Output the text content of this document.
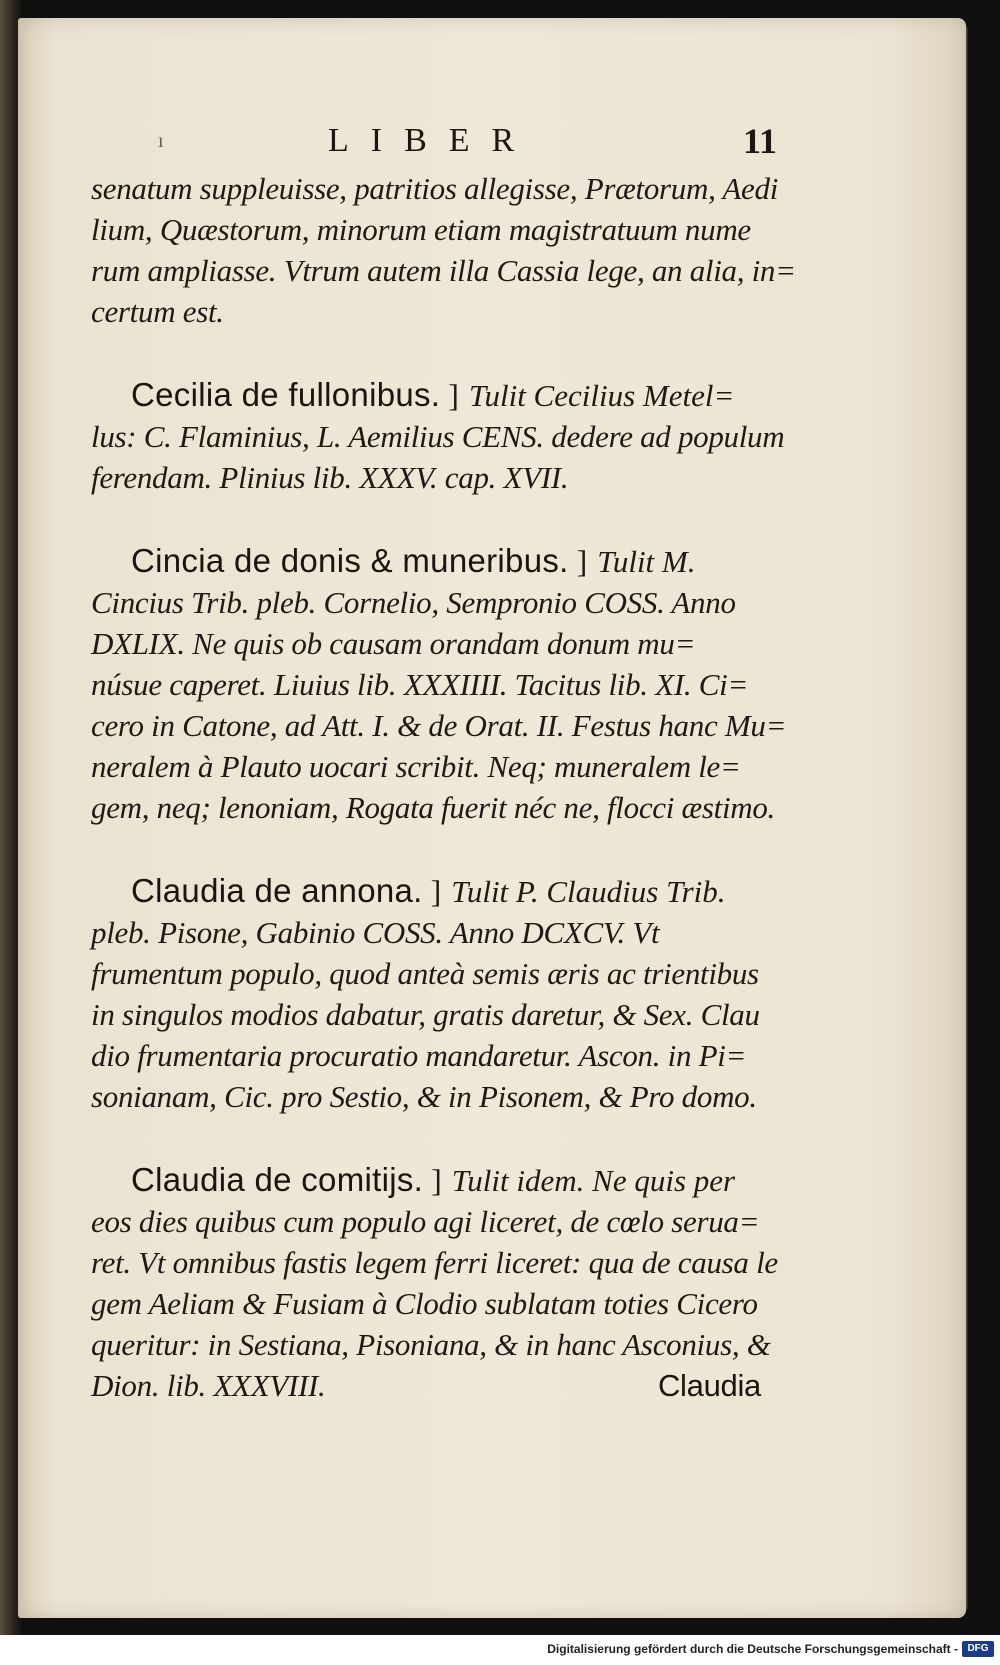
ı	LIBER	11
senatum suppleuisse, patritios allegisse, Prætorum, Aedi
lium, Quæstorum, minorum etiam magistratuum nume
rum ampliasse. Vtrum autem illa Cassia lege, an alia, in=
certum est.
Cecilia de fullonibus. ] Tulit Cecilius Metel=
lus: C. Flaminius, L. Aemilius CENS. dedere ad populum
ferendam. Plinius lib. XXXV. cap. XVII.
Cincia de donis & muneribus. ] Tulit M.
Cincius Trib. pleb. Cornelio, Sempronio COSS. Anno
DXLIX. Ne quis ob causam orandam donum mu=
núsue caperet. Liuius lib. XXXIIII. Tacitus lib. XI. Ci=
cero in Catone, ad Att. I. & de Orat. II. Festus hanc Mu=
neralem à Plauto uocari scribit. Neq; muneralem le=
gem, neq; lenoniam, Rogata fuerit néc ne, flocci æstimo.
Claudia de annona. ] Tulit P. Claudius Trib.
pleb. Pisone, Gabinio COSS. Anno DCXCV. Vt
frumentum populo, quod anteà semis æris ac trientibus
in singulos modios dabatur, gratis daretur, & Sex. Clau
dio frumentaria procuratio mandaretur. Ascon. in Pi=
sonianam, Cic. pro Sestio, & in Pisonem, & Pro domo.
Claudia de comitijs. ] Tulit idem. Ne quis per
eos dies quibus cum populo agi liceret, de cœlo serua=
ret. Vt omnibus fastis legem ferri liceret: qua de causa le
gem Aeliam & Fusiam à Clodio sublatam toties Cicero
queritur: in Sestiana, Pisoniana, & in hanc Asconius, &
Dion. lib. XXXVIII.	Claudia
Digitalisierung gefördert durch die Deutsche Forschungsgemeinschaft - DFG
